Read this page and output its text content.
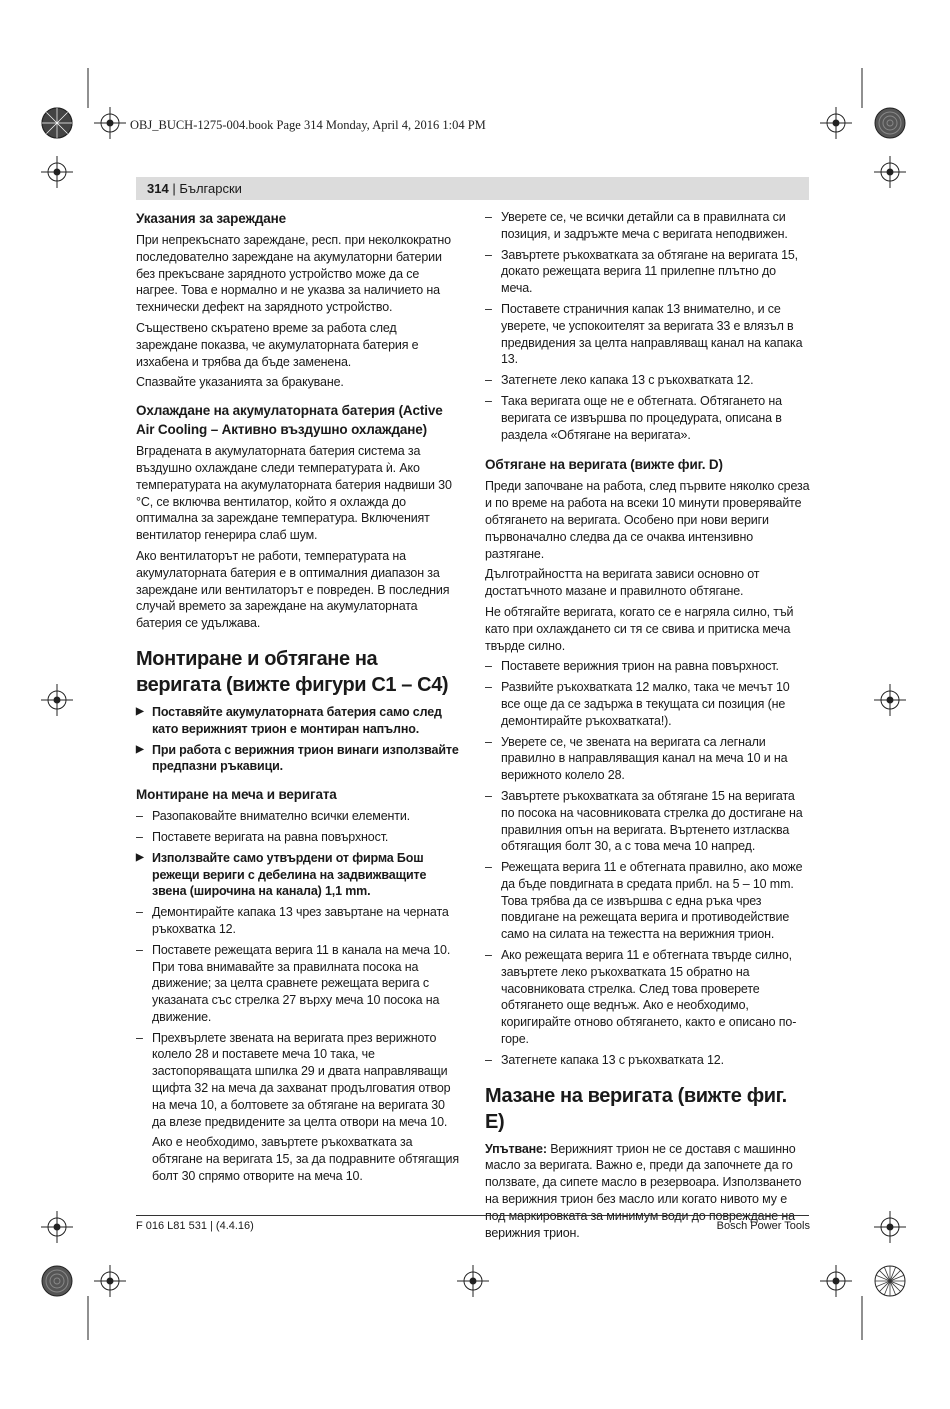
OBJ_BUCH-1275-004.book Page 314 Monday, April 4, 2016 1:04 PM
314 | Български
Указания за зареждане

При непрекъснато зареждане, респ. при неколкократно последователно зареждане на акумулаторни батерии без прекъсване зарядното устройство може да се нагрее. Това е нормално и не указва за наличието на технически дефект на зарядното устройство.

Съществено скъратено време за работа след зареждане показва, че акумулаторната батерия е изхабена и трябва да бъде заменена.

Спазвайте указанията за бракуване.

Охлаждане на акумулаторната батерия (Active Air Cooling – Активно въздушно охлаждане)

Вградената в акумулаторната батерия система за въздушно охлаждане следи температурата ѝ. Ако температурата на акумулаторната батерия надвиши 30 °C, се включва вентилатор, който я охлажда до оптимална за зареждане температура. Включеният вентилатор генерира слаб шум.

Ако вентилаторът не работи, температурата на акумулаторната батерия е в оптималния диапазон за зареждане или вентилаторът е повреден. В последния случай времето за зареждане на акумулаторната батерия се удължава.

Монтиране и обтягане на веригата (вижте фигури C1 – C4)
▶ Поставяйте акумулаторната батерия само след като верижният трион е монтиран напълно.
▶ При работа с верижния трион винаги използвайте предпазни ръкавици.
Монтиране на меча и веригата
– Разопаковайте внимателно всички елементи.
– Поставете веригата на равна повърхност.
▶ Използвайте само утвърдени от фирма Бош режещи вериги с дебелина на задвижващите звена (широчина на канала) 1,1 mm.
– Демонтирайте капака 13 чрез завъртане на черната ръкохватка 12.
– Поставете режещата верига 11 в канала на меча 10. При това внимавайте за правилната посока на движение; за целта сравнете режещата верига с указаната със стрелка 27 върху меча 10 посока на движение.
– Прехвърлете звената на веригата през верижното колело 28 и поставете меча 10 така, че застопоряващата шпилка 29 и двата направляващи щифта 32 на меча да захванат продълговатия отвор на меча 10, а болтовете за обтягане на веригата 30 да влезе предвидените за целта отвори на меча 10.
Ако е необходимо, завъртете ръкохватката за обтягане на веригата 15, за да подравните обтягащия болт 30 спрямо отворите на меча 10.
– Уверете се, че всички детайли са в правилната си позиция, и задръжте меча с веригата неподвижен.
– Завъртете ръкохватката за обтягане на веригата 15, докато режещата верига 11 прилепне плътно до меча.
– Поставете страничния капак 13 внимателно, и се уверете, че успокоителят за веригата 33 е влязъл в предвидения за целта направляващ канал на капака 13.
– Затегнете леко капака 13 с ръкохватката 12.
– Така веригата още не е обтегната. Обтягането на веригата се извършва по процедурата, описана в раздела «Обтягане на веригата».
Обтягане на веригата (вижте фиг. D)

Преди започване на работа, след първите няколко среза и по време на работа на всеки 10 минути проверявайте обтягането на веригата. Особено при нови вериги първоначално следва да се очаква интензивно разтягане.

Дълготрайността на веригата зависи основно от достатъчното мазане и правилното обтягане.

Не обтягайте веригата, когато се е нагряла силно, тъй като при охлаждането си тя се свива и притиска меча твърде силно.

– Поставете верижния трион на равна повърхност.
– Развийте ръкохватката 12 малко, така че мечът 10 все още да се задържа в текущата си позиция (не демонтирайте ръкохватката!).
– Уверете се, че звената на веригата са легнали правилно в направляващия канал на меча 10 и на верижното колело 28.
– Завъртете ръкохватката за обтягане 15 на веригата по посока на часовниковата стрелка до достигане на правилния опън на веригата. Въртенето изтласква обтягащия болт 30, а с това меча 10 напред.
– Режещата верига 11 е обтегната правилно, ако може да бъде повдигната в средата прибл. на 5 – 10 mm. Това трябва да се извършва с една ръка чрез повдигане на режещата верига и противодействие само на силата на тежестта на верижния трион.
– Ако режещата верига 11 е обтегната твърде силно, завъртете леко ръкохватката 15 обратно на часовниковата стрелка. След това проверете обтягането още веднъж. Ако е необходимо, коригирайте отново обтягането, както е описано по-горе.
– Затегнете капака 13 с ръкохватката 12.
Мазане на веригата (вижте фиг. E)

Упътване: Верижният трион не се доставя с машинно масло за веригата. Важно е, преди да започнете да го ползвате, да сипете масло в резервоара. Използването на верижния трион без масло или когато нивото му е верижния трион.

F 016 L81 531 | (4.4.16)	Bosch Power Tools
